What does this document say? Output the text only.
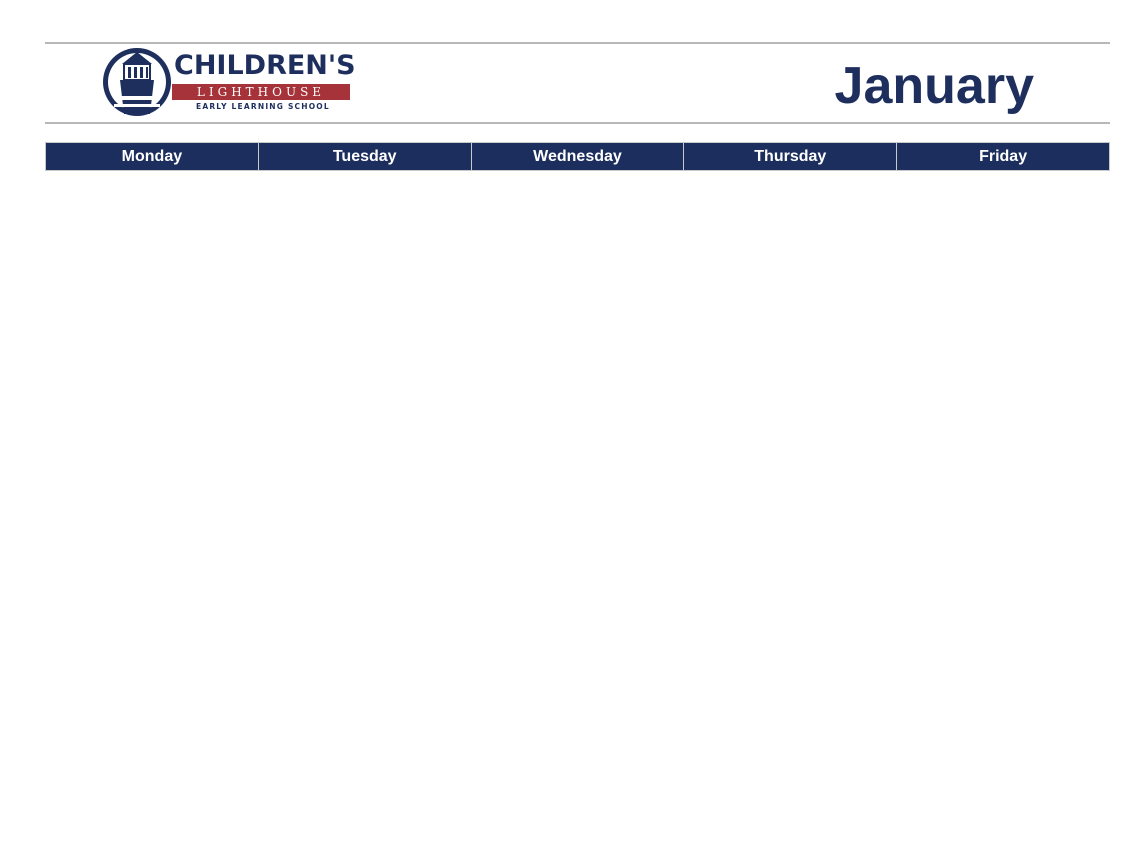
CHILDREN'S
LIGHTHOUSE
EARLY LEARNING SCHOOL	January
Monday	Tuesday	Wednesday	Thursday	Friday
